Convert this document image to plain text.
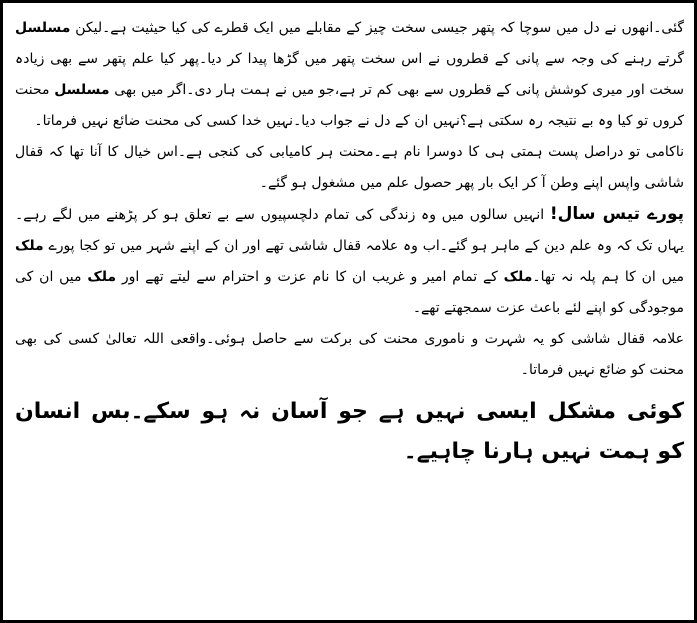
گئی۔انھوں نے دل میں سوچا کہ پتھر جیسی سخت چیز کے مقابلے میں ایک قطرے کی کیا حیثیت ہے۔لیکن مسلسل گرتے رہنے کی وجہ سے پانی کے قطروں نے اس سخت پتھر میں گڑھا پیدا کر دیا۔پھر کیا علم پتھر سے بھی زیادہ سخت اور میری کوشش پانی کے قطروں سے بھی کم تر ہے،جو میں نے ہمت ہار دی۔اگر میں بھی مسلسل محنت کروں تو کیا وہ بے نتیجہ رہ سکتی ہے؟نہیں ان کے دل نے جواب دیا۔نہیں خدا کسی کی محنت ضائع نہیں فرماتا۔

ناکامی تو دراصل پست ہمتی ہی کا دوسرا نام ہے۔محنت ہر کامیابی کی کنجی ہے۔اس خیال کا آنا تھا کہ قفال شاشی واپس اپنے وطن آ کر ایک بار پھر حصول علم میں مشغول ہو گئے۔

پورے تیس سال! انہیں سالوں میں وہ زندگی کی تمام دلچسپیوں سے بے تعلق ہو کر پڑھنے میں لگے رہے۔یہاں تک کہ وہ علم دین کے ماہر ہو گئے۔اب وہ علامہ قفال شاشی تھے اور ان کے اپنے شہر میں تو کجا پورے ملک میں ان کا ہم پلہ نہ تھا۔ملک کے تمام امیر و غریب ان کا نام عزت و احترام سے لیتے تھے اور ملک میں ان کی موجودگی کو اپنے لئے باعث عزت سمجھتے تھے۔

علامہ قفال شاشی کو یہ شہرت و ناموری محنت کی برکت سے حاصل ہوئی۔واقعی اللہ تعالیٰ کسی کی بھی محنت کو ضائع نہیں فرماتا۔

کوئی مشکل ایسی نہیں ہے جو آسان نہ ہو سکے۔بس انسان کو ہمت نہیں ہارنا چاہیے۔
